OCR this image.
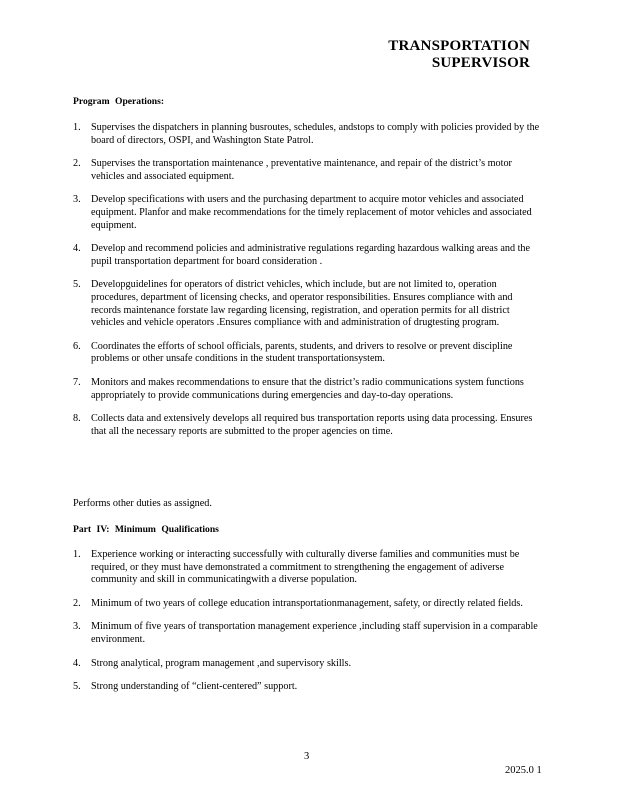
TRANSPORTATION
SUPERVISOR
Program Operations:
1. Supervises the dispatchers in planning busroutes, schedules, andstops to comply with policies provided by the board of directors, OSPI, and Washington State Patrol.
2. Supervises the transportation maintenance , preventative maintenance, and repair of the district’s motor vehicles and associated equipment.
3. Develop specifications with users and the purchasing department to acquire motor vehicles and associated equipment. Planfor and make recommendations for the timely replacement of motor vehicles and associated equipment.
4. Develop and recommend policies and administrative regulations regarding hazardous walking areas and the pupil transportation department for board consideration .
5. Developguidelines for operators of district vehicles, which include, but are not limited to, operation procedures, department of licensing checks, and operator responsibilities. Ensures compliance with and records maintenance forstate law regarding licensing, registration, and operation permits for all district vehicles and vehicle operators .Ensures compliance with and administration of drugtesting program.
6. Coordinates the efforts of school officials, parents, students, and drivers to resolve or prevent discipline problems or other unsafe conditions in the student transportationsystem.
7. Monitors and makes recommendations to ensure that the district’s radio communications system functions appropriately to provide communications during emergencies and day-to-day operations.
8. Collects data and extensively develops all required bus transportation reports using data processing. Ensures that all the necessary reports are submitted to the proper agencies on time.
Performs other duties as assigned.
Part IV: Minimum Qualifications
1. Experience working or interacting successfully with culturally diverse families and communities must be required, or they must have demonstrated a commitment to strengthening the engagement of adiverse community and skill in communicatingwith a diverse population.
2. Minimum of two years of college education intransportationmanagement, safety, or directly related fields.
3. Minimum of five years of transportation management experience ,including staff supervision in a comparable environment.
4. Strong analytical, program management ,and supervisory skills.
5. Strong understanding of “client-centered” support.
3
2025.0 1
